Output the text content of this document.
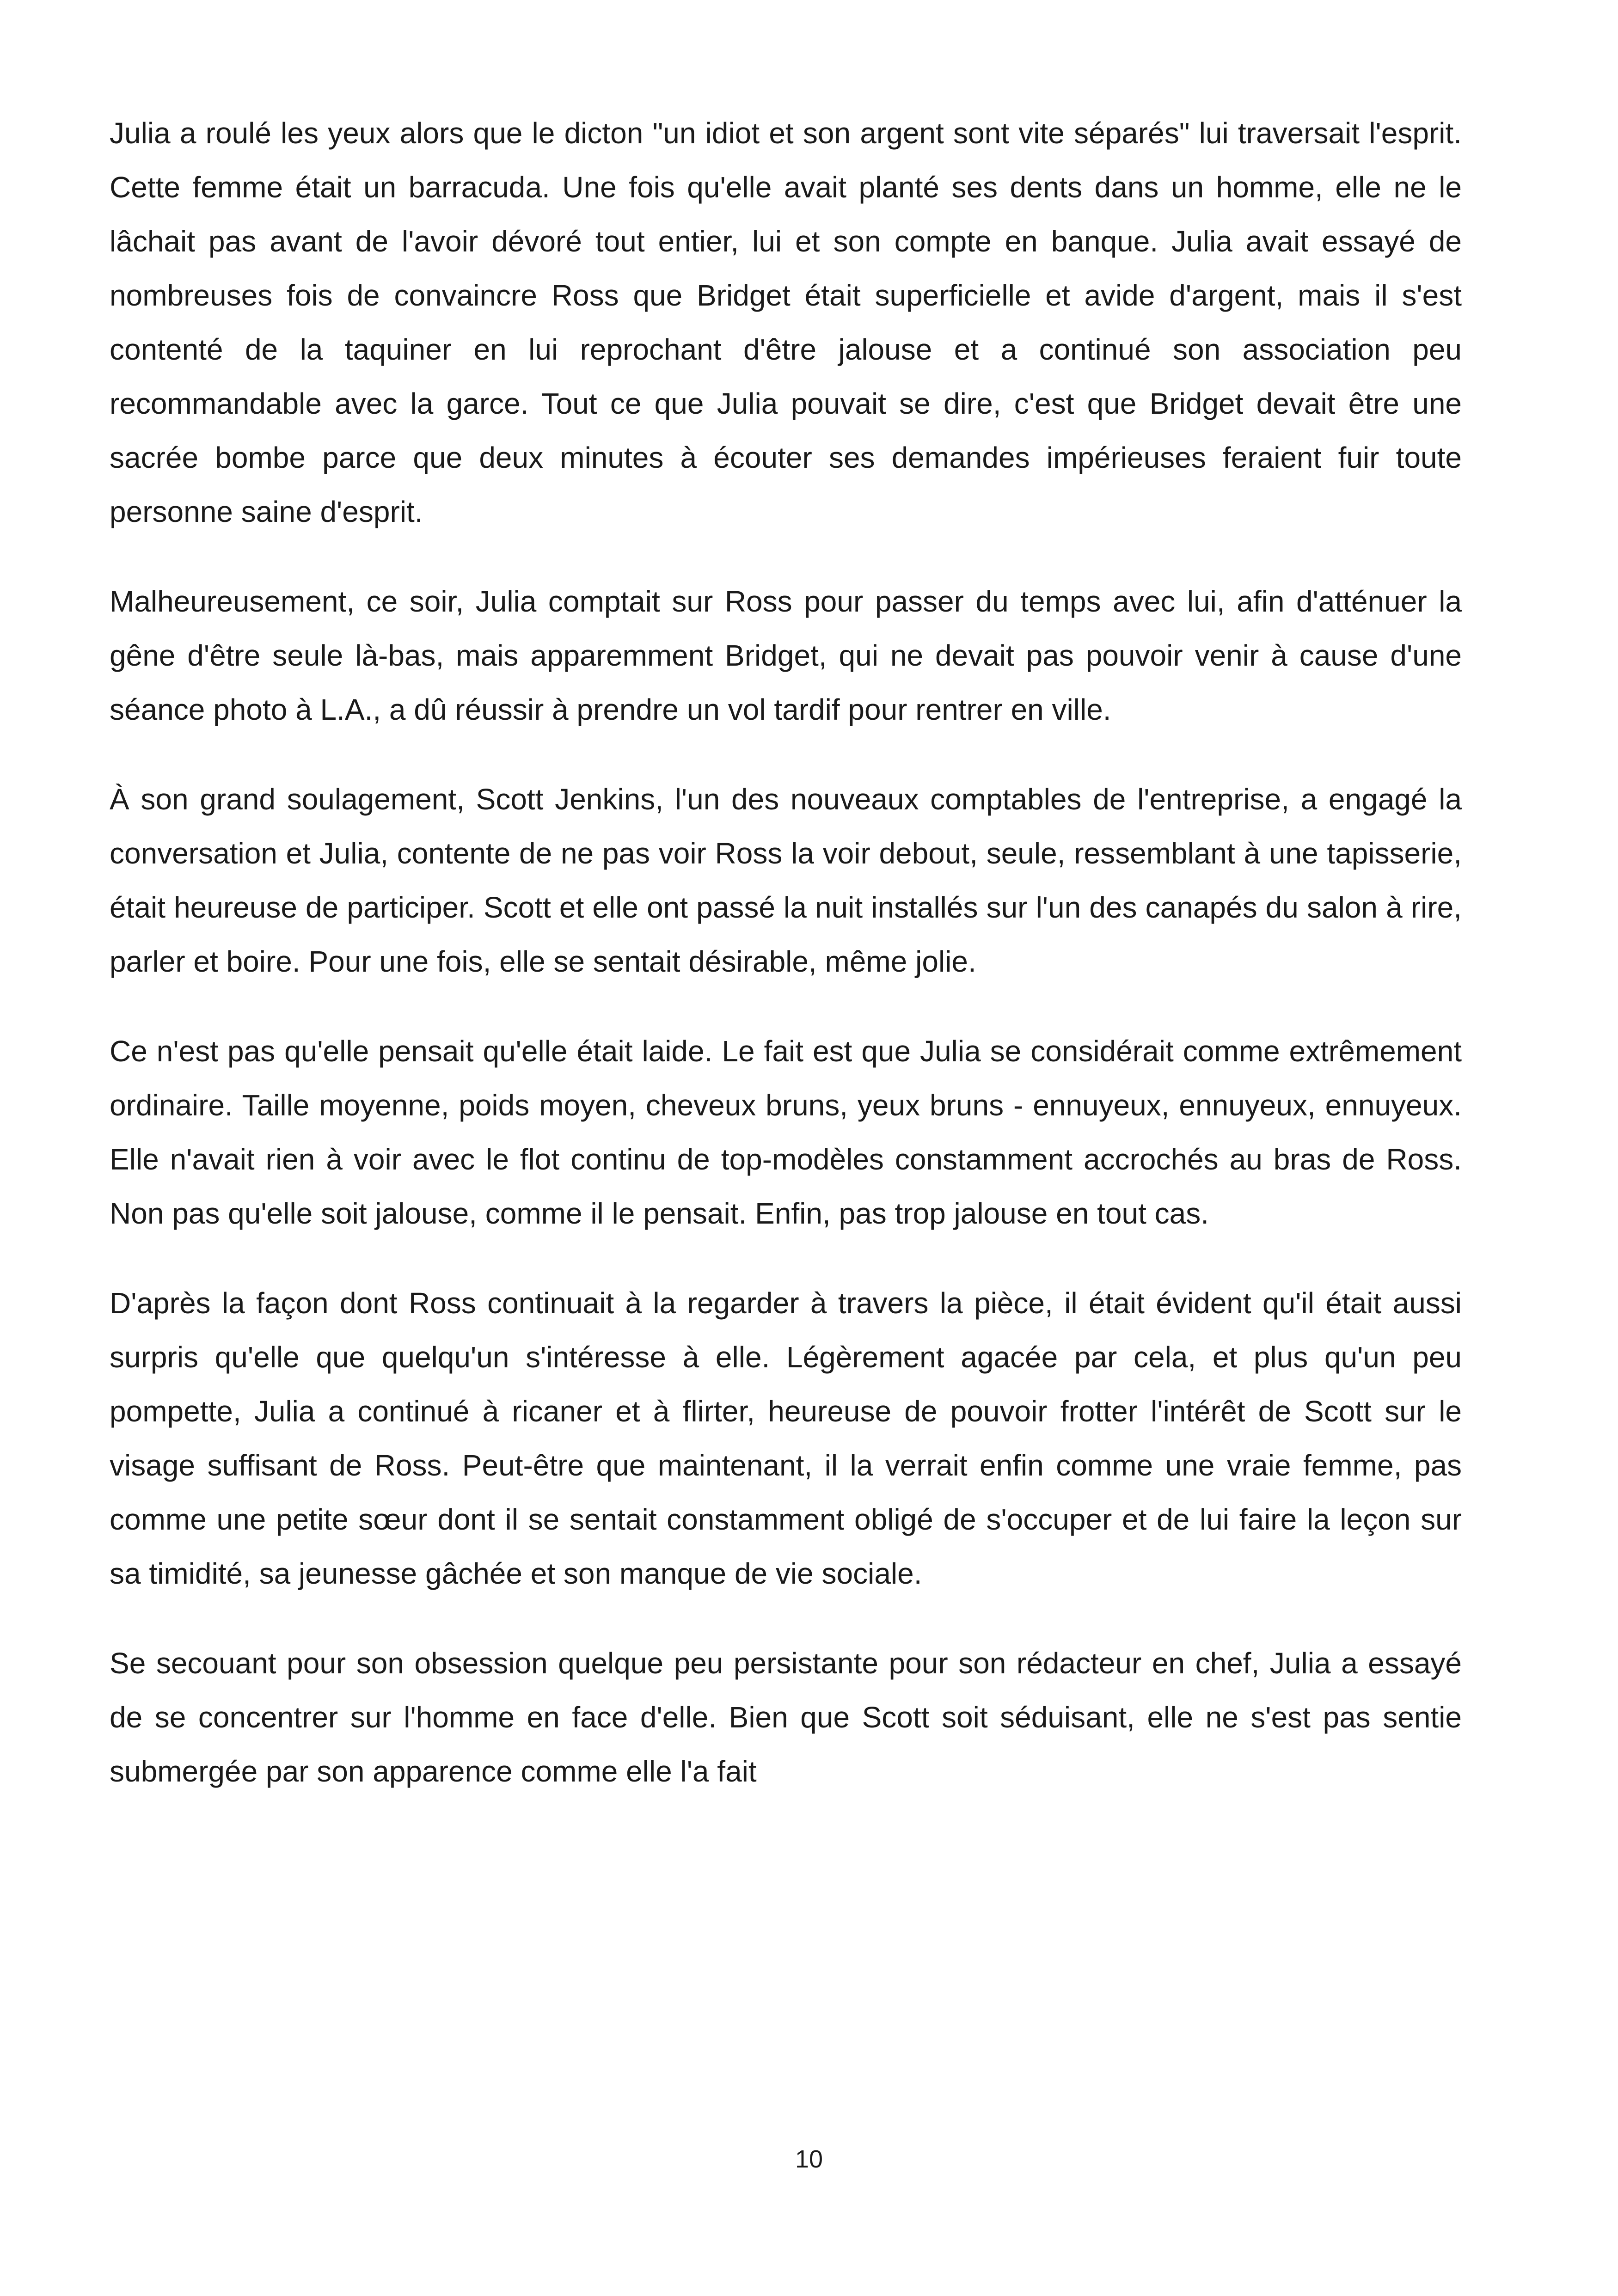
Julia a roulé les yeux alors que le dicton "un idiot et son argent sont vite séparés" lui traversait l'esprit. Cette femme était un barracuda. Une fois qu'elle avait planté ses dents dans un homme, elle ne le lâchait pas avant de l'avoir dévoré tout entier, lui et son compte en banque. Julia avait essayé de nombreuses fois de convaincre Ross que Bridget était superficielle et avide d'argent, mais il s'est contenté de la taquiner en lui reprochant d'être jalouse et a continué son association peu recommandable avec la garce. Tout ce que Julia pouvait se dire, c'est que Bridget devait être une sacrée bombe parce que deux minutes à écouter ses demandes impérieuses feraient fuir toute personne saine d'esprit.

Malheureusement, ce soir, Julia comptait sur Ross pour passer du temps avec lui, afin d'atténuer la gêne d'être seule là-bas, mais apparemment Bridget, qui ne devait pas pouvoir venir à cause d'une séance photo à L.A., a dû réussir à prendre un vol tardif pour rentrer en ville.

À son grand soulagement, Scott Jenkins, l'un des nouveaux comptables de l'entreprise, a engagé la conversation et Julia, contente de ne pas voir Ross la voir debout, seule, ressemblant à une tapisserie, était heureuse de participer. Scott et elle ont passé la nuit installés sur l'un des canapés du salon à rire, parler et boire. Pour une fois, elle se sentait désirable, même jolie.

Ce n'est pas qu'elle pensait qu'elle était laide. Le fait est que Julia se considérait comme extrêmement ordinaire. Taille moyenne, poids moyen, cheveux bruns, yeux bruns - ennuyeux, ennuyeux, ennuyeux. Elle n'avait rien à voir avec le flot continu de top-modèles constamment accrochés au bras de Ross. Non pas qu'elle soit jalouse, comme il le pensait. Enfin, pas trop jalouse en tout cas.

D'après la façon dont Ross continuait à la regarder à travers la pièce, il était évident qu'il était aussi surpris qu'elle que quelqu'un s'intéresse à elle. Légèrement agacée par cela, et plus qu'un peu pompette, Julia a continué à ricaner et à flirter, heureuse de pouvoir frotter l'intérêt de Scott sur le visage suffisant de Ross. Peut-être que maintenant, il la verrait enfin comme une vraie femme, pas comme une petite sœur dont il se sentait constamment obligé de s'occuper et de lui faire la leçon sur sa timidité, sa jeunesse gâchée et son manque de vie sociale.

Se secouant pour son obsession quelque peu persistante pour son rédacteur en chef, Julia a essayé de se concentrer sur l'homme en face d'elle. Bien que Scott soit séduisant, elle ne s'est pas sentie submergée par son apparence comme elle l'a fait

10
